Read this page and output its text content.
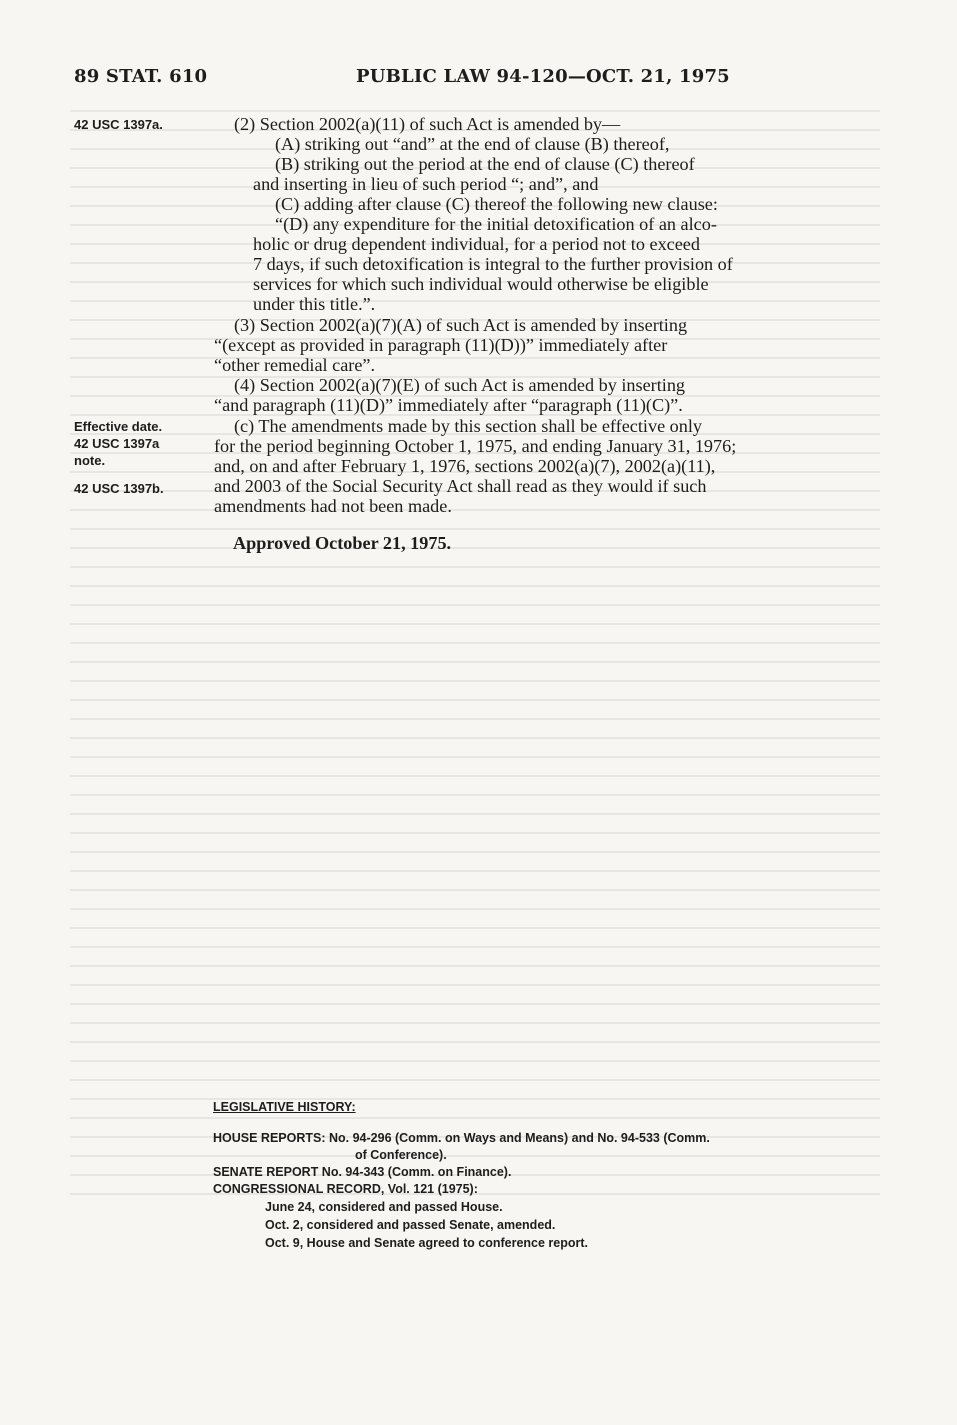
89 STAT. 610	PUBLIC LAW 94-120—OCT. 21, 1975
42 USC 1397a.
Effective date.
42 USC 1397a
note.
42 USC 1397b.
(2) Section 2002(a)(11) of such Act is amended by—
(A) striking out “and” at the end of clause (B) thereof,
(B) striking out the period at the end of clause (C) thereof
and inserting in lieu of such period “; and”, and
(C) adding after clause (C) thereof the following new clause:
“(D) any expenditure for the initial detoxification of an alco-
holic or drug dependent individual, for a period not to exceed
7 days, if such detoxification is integral to the further provision of
services for which such individual would otherwise be eligible
under this title.”.
(3) Section 2002(a)(7)(A) of such Act is amended by inserting
“(except as provided in paragraph (11)(D))” immediately after
“other remedial care”.
(4) Section 2002(a)(7)(E) of such Act is amended by inserting
“and paragraph (11)(D)” immediately after “paragraph (11)(C)”.
(c) The amendments made by this section shall be effective only
for the period beginning October 1, 1975, and ending January 31, 1976;
and, on and after February 1, 1976, sections 2002(a)(7), 2002(a)(11),
and 2003 of the Social Security Act shall read as they would if such
amendments had not been made.
Approved October 21, 1975.
LEGISLATIVE HISTORY:
HOUSE REPORTS: No. 94-296 (Comm. on Ways and Means) and No. 94-533 (Comm.
of Conference).
SENATE REPORT No. 94-343 (Comm. on Finance).
CONGRESSIONAL RECORD, Vol. 121 (1975):
June 24, considered and passed House.
Oct. 2, considered and passed Senate, amended.
Oct. 9, House and Senate agreed to conference report.
